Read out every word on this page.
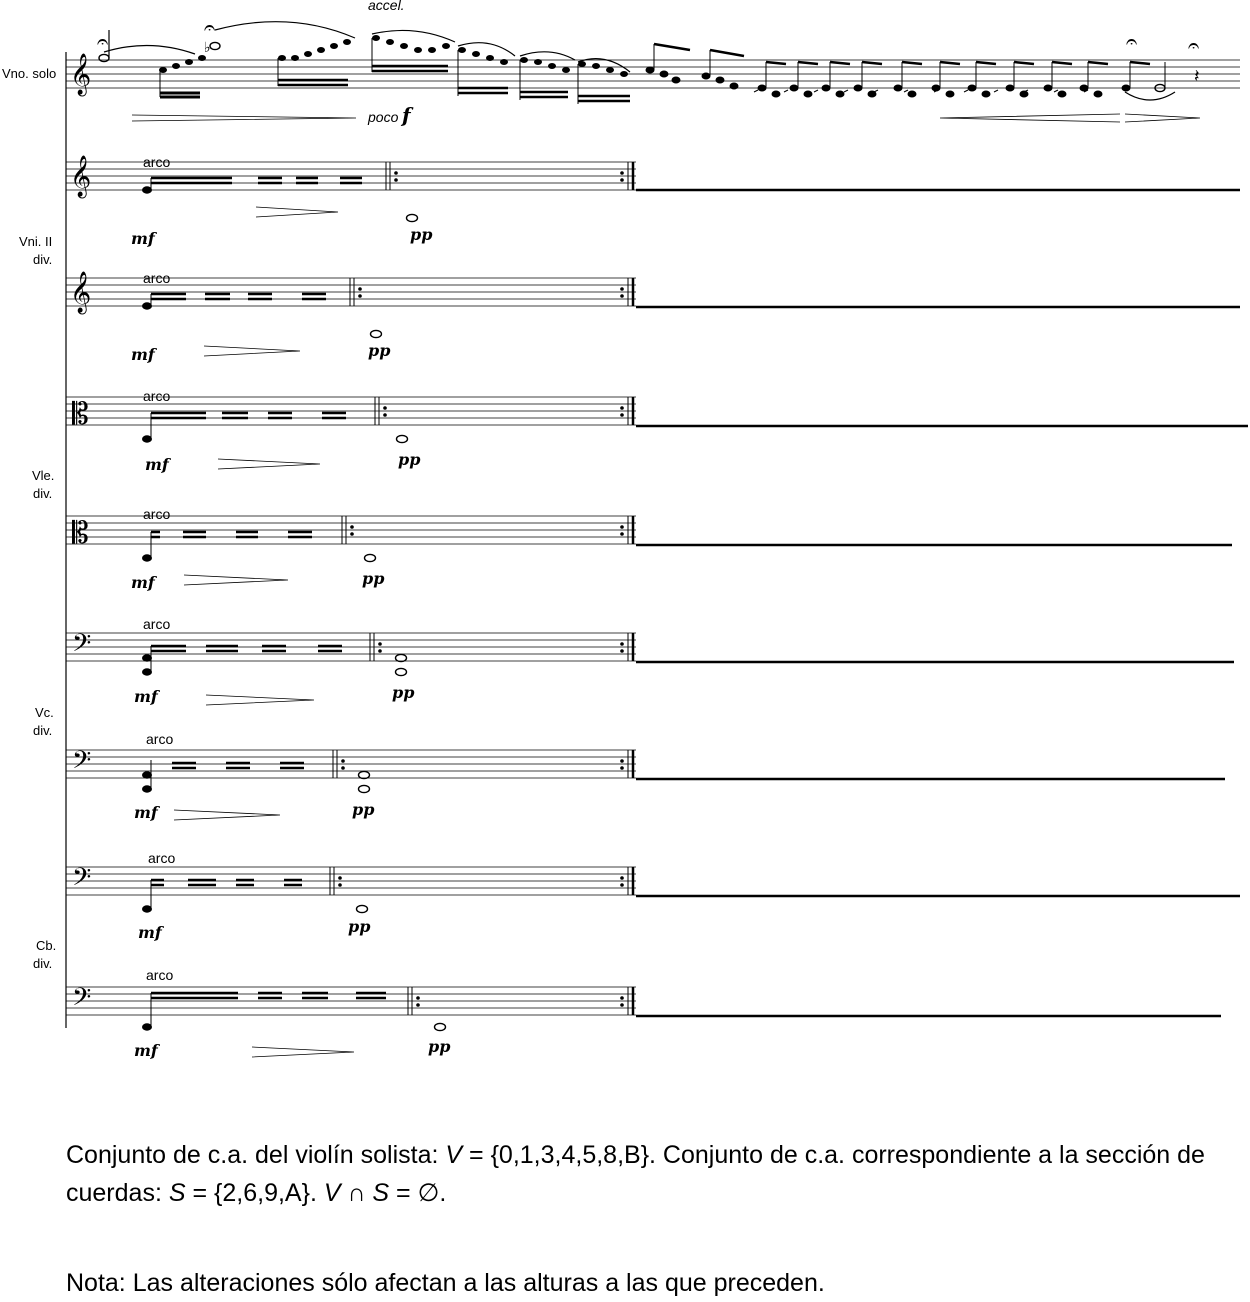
Vno. solo
Vni. II
div.
Vle.
div.
Vc.
div.
Cb.
div.
𝄞
𝄐
𝄐
𝄐	𝄐
♭
𝄽
accel.
poco f
𝄞
𝄞
𝄡
𝄡
𝄢
𝄢
𝄢
𝄢
arco
arco
arco
arco
arco
arco
arco
arco
mf	pp
mf	pp
mf	pp
mf	pp
mf	pp
mf	pp
mf	pp
mf	pp
Conjunto de c.a. del violín solista: V = {0,1,3,4,5,8,B}. Conjunto de c.a. correspondiente a la sección de cuerdas: S = {2,6,9,A}. V ∩ S = ∅.
Nota: Las alteraciones sólo afectan a las alturas a las que preceden.
